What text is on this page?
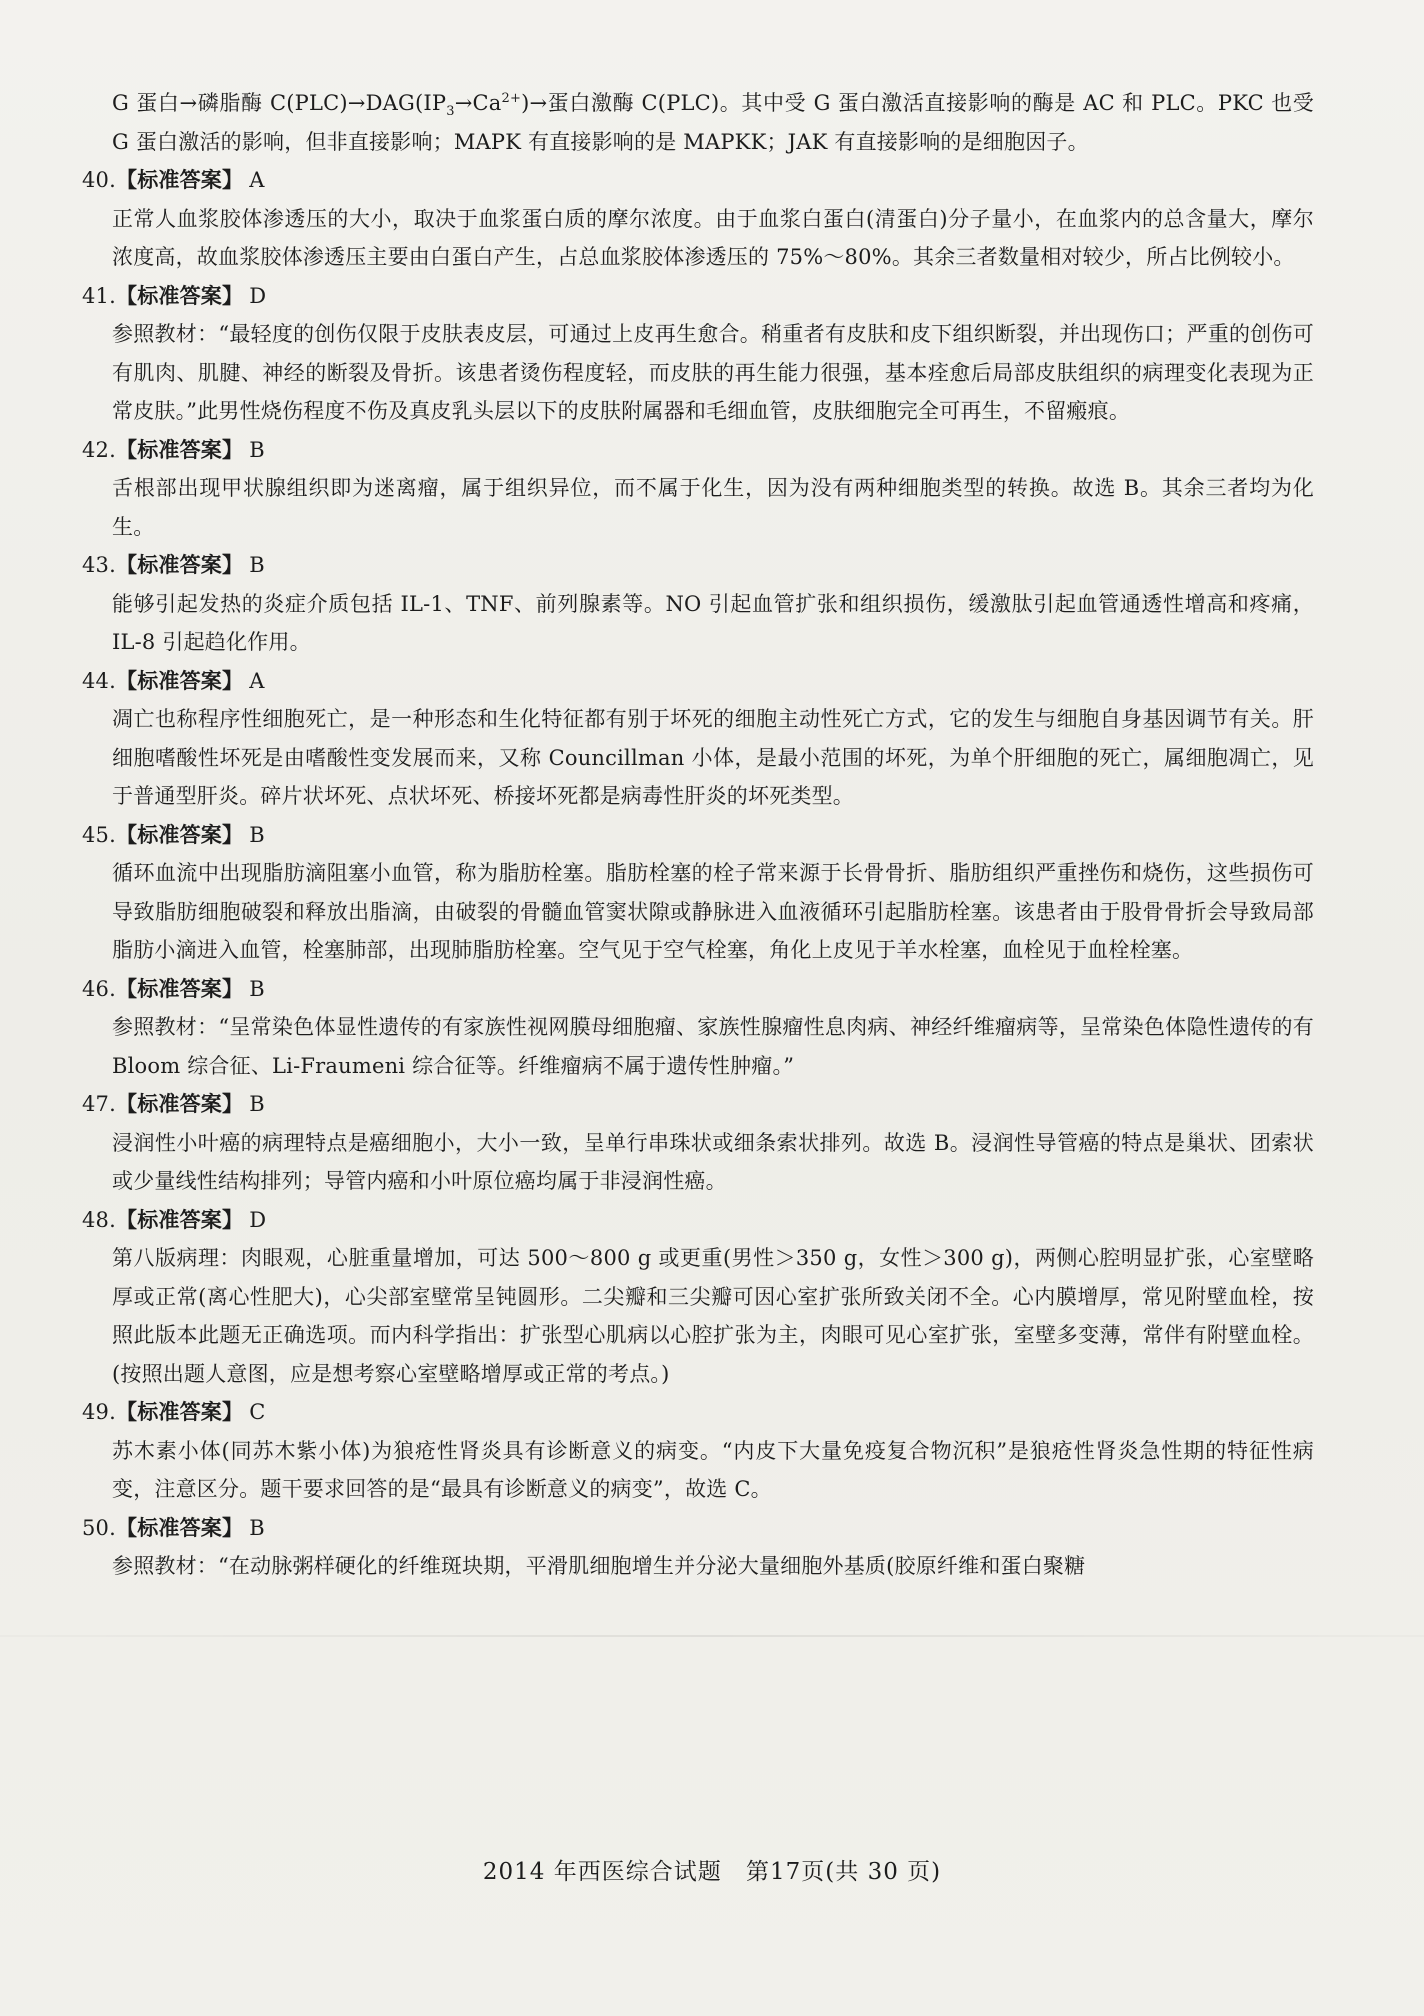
G 蛋白→磷脂酶 $C(PLC)\to DAG(IP_3\to Ca^{2+})\to$蛋白激酶 C(PLC)。其中受 G 蛋白激活直接影响的酶是 AC 和 PLC。PKC 也受 G 蛋白激活的影响，但非直接影响；MAPK 有直接影响的是 MAPKK；JAK 有直接影响的是细胞因子。

40.【标准答案】 A

正常人血浆胶体渗透压的大小，取决于血浆蛋白质的摩尔浓度。由于血浆白蛋白(清蛋白)分子量小，在血浆内的总含量大，摩尔浓度高，故血浆胶体渗透压主要由白蛋白产生，占总血浆胶体渗透压的 75%～80%。其余三者数量相对较少，所占比例较小。

41.【标准答案】 D

参照教材：“最轻度的创伤仅限于皮肤表皮层，可通过上皮再生愈合。稍重者有皮肤和皮下组织断裂，并出现伤口；严重的创伤可有肌肉、肌腱、神经的断裂及骨折。该患者烫伤程度轻，而皮肤的再生能力很强，基本痊愈后局部皮肤组织的病理变化表现为正常皮肤。”此男性烧伤程度不伤及真皮乳头层以下的皮肤附属器和毛细血管，皮肤细胞完全可再生，不留瘢痕。

42.【标准答案】 B

舌根部出现甲状腺组织即为迷离瘤，属于组织异位，而不属于化生，因为没有两种细胞类型的转换。故选 B。其余三者均为化生。

43.【标准答案】 B

能够引起发热的炎症介质包括 IL-1、TNF、前列腺素等。NO 引起血管扩张和组织损伤，缓激肽引起血管通透性增高和疼痛，IL-8 引起趋化作用。

44.【标准答案】 A

凋亡也称程序性细胞死亡，是一种形态和生化特征都有别于坏死的细胞主动性死亡方式，它的发生与细胞自身基因调节有关。肝细胞嗜酸性坏死是由嗜酸性变发展而来，又称 Councillman 小体，是最小范围的坏死，为单个肝细胞的死亡，属细胞凋亡，见于普通型肝炎。碎片状坏死、点状坏死、桥接坏死都是病毒性肝炎的坏死类型。

45.【标准答案】 B

循环血流中出现脂肪滴阻塞小血管，称为脂肪栓塞。脂肪栓塞的栓子常来源于长骨骨折、脂肪组织严重挫伤和烧伤，这些损伤可导致脂肪细胞破裂和释放出脂滴，由破裂的骨髓血管窦状隙或静脉进入血液循环引起脂肪栓塞。该患者由于股骨骨折会导致局部脂肪小滴进入血管，栓塞肺部，出现肺脂肪栓塞。空气见于空气栓塞，角化上皮见于羊水栓塞，血栓见于血栓栓塞。

46.【标准答案】 B

参照教材：“呈常染色体显性遗传的有家族性视网膜母细胞瘤、家族性腺瘤性息肉病、神经纤维瘤病等，呈常染色体隐性遗传的有 Bloom 综合征、Li-Fraumeni 综合征等。纤维瘤病不属于遗传性肿瘤。”

47.【标准答案】 B

浸润性小叶癌的病理特点是癌细胞小，大小一致，呈单行串珠状或细条索状排列。故选 B。浸润性导管癌的特点是巢状、团索状或少量线性结构排列；导管内癌和小叶原位癌均属于非浸润性癌。

48.【标准答案】 D

第八版病理：肉眼观，心脏重量增加，可达 500～800 g 或更重(男性＞350 g，女性＞300 g)，两侧心腔明显扩张，心室壁略厚或正常(离心性肥大)，心尖部室壁常呈钝圆形。二尖瓣和三尖瓣可因心室扩张所致关闭不全。心内膜增厚，常见附壁血栓，按照此版本此题无正确选项。而内科学指出：扩张型心肌病以心腔扩张为主，肉眼可见心室扩张，室壁多变薄，常伴有附壁血栓。(按照出题人意图，应是想考察心室壁略增厚或正常的考点。)

49.【标准答案】 C

苏木素小体(同苏木紫小体)为狼疮性肾炎具有诊断意义的病变。“内皮下大量免疫复合物沉积”是狼疮性肾炎急性期的特征性病变，注意区分。题干要求回答的是“最具有诊断意义的病变”，故选 C。

50.【标准答案】 B

参照教材：“在动脉粥样硬化的纤维斑块期，平滑肌细胞增生并分泌大量细胞外基质(胶原纤维和蛋白聚糖

2014 年西医综合试题 第17页(共 30 页)
